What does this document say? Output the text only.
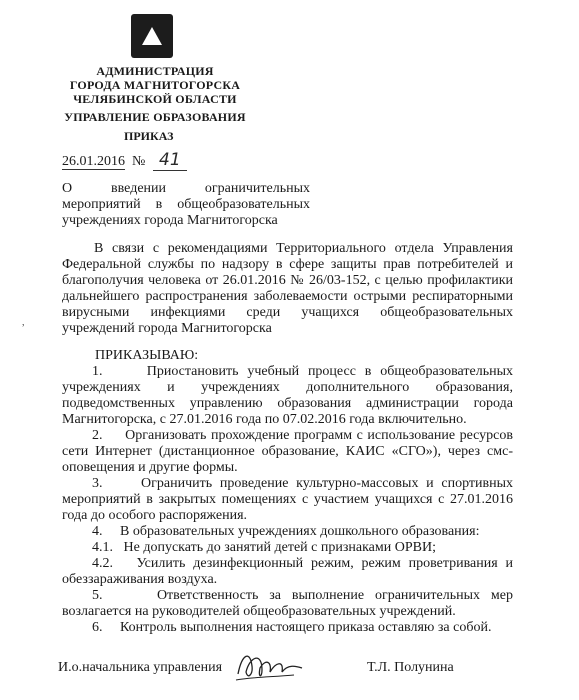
АДМИНИСТРАЦИЯ
ГОРОДА МАГНИТОГОРСКА
ЧЕЛЯБИНСКОЙ ОБЛАСТИ
УПРАВЛЕНИЕ ОБРАЗОВАНИЯ
ПРИКАЗ
26.01.2016 № 41
О	введении	ограничительных
мероприятий в общеобразовательных учреждениях города Магнитогорска
В связи с рекомендациями Территориального отдела Управления Федеральной службы по надзору в сфере защиты прав потребителей и благополучия человека от 26.01.2016 № 26/03-152, с целью профилактики дальнейшего распространения заболеваемости острыми респираторными вирусными инфекциями среди учащихся общеобразовательных учреждений города Магнитогорска
,
ПРИКАЗЫВАЮ:
1.     Приостановить учебный процесс в общеобразовательных учреждениях и учреждениях дополнительного образования, подведомственных управлению образования администрации города Магнитогорска, с 27.01.2016 года по 07.02.2016 года включительно.
2.     Организовать прохождение программ с использование ресурсов сети Интернет (дистанционное образование, КАИС «СГО»), через смс-оповещения и другие формы.
3.     Ограничить проведение культурно-массовых и спортивных мероприятий в закрытых помещениях с участием учащихся с 27.01.2016 года до особого распоряжения.
4.     В образовательных учреждениях дошкольного образования:
4.1.   Не допускать до занятий детей с признаками ОРВИ;
4.2.   Усилить дезинфекционный режим, режим проветривания и обеззараживания воздуха.
5.     Ответственность за выполнение ограничительных мер возлагается на руководителей общеобразовательных учреждений.
6.     Контроль выполнения настоящего приказа оставляю за собой.
И.о.начальника управления	Т.Л. Полунина
